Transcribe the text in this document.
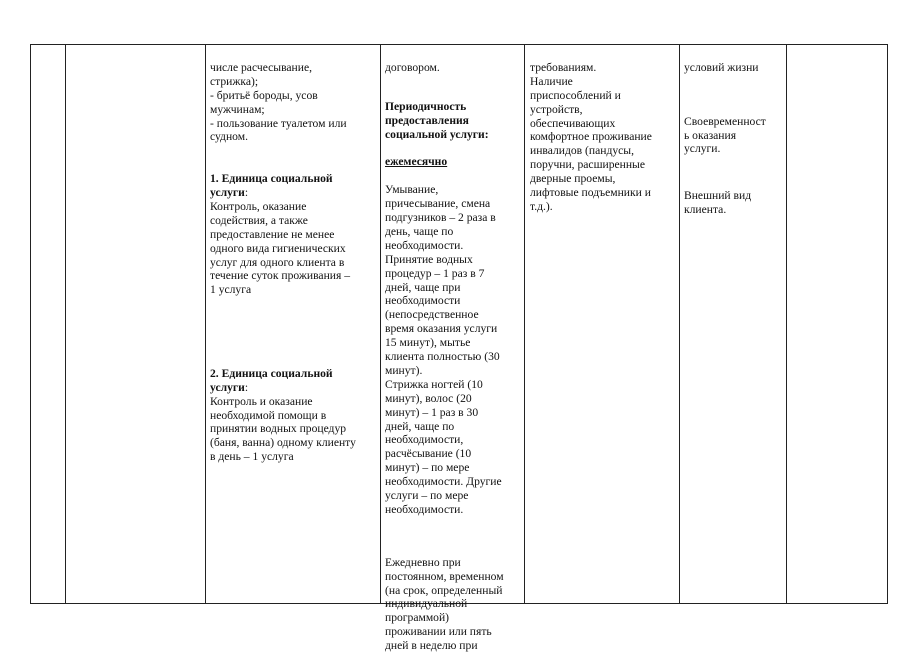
числе расчесывание,
стрижка);
- бритьё бороды, усов
мужчинам;
- пользование туалетом или
судном.

1. Единица социальной
услуги:

Контроль, оказание
содействия, а также
предоставление не менее
одного вида гигиенических
услуг для одного клиента в
течение суток проживания –
1 услуга

2. Единица социальной
услуги:

Контроль и оказание
необходимой помощи в
принятии водных процедур
(баня, ванна) одному клиенту
в день – 1 услуга

договором.

Периодичность
предоставления
социальной услуги:

ежемесячно

Умывание,
причесывание, смена
подгузников – 2 раза в
день, чаще по
необходимости.
Принятие водных
процедур – 1 раз в 7
дней, чаще при
необходимости
(непосредственное
время оказания услуги
15 минут), мытье
клиента полностью (30
минут).
Стрижка ногтей (10
минут), волос (20
минут) – 1 раз в 30
дней, чаще по
необходимости,
расчёсывание (10
минут) – по мере
необходимости. Другие
услуги – по мере
необходимости.

Ежедневно при
постоянном, временном
(на срок, определенный
индивидуальной
программой)
проживании или пять
дней в неделю при

требованиям.
Наличие
приспособлений и
устройств,
обеспечивающих
комфортное проживание
инвалидов (пандусы,
поручни, расширенные
дверные проемы,
лифтовые подъемники и
т.д.).

условий жизни

Своевременност
ь оказания
услуги.

Внешний вид
клиента.
